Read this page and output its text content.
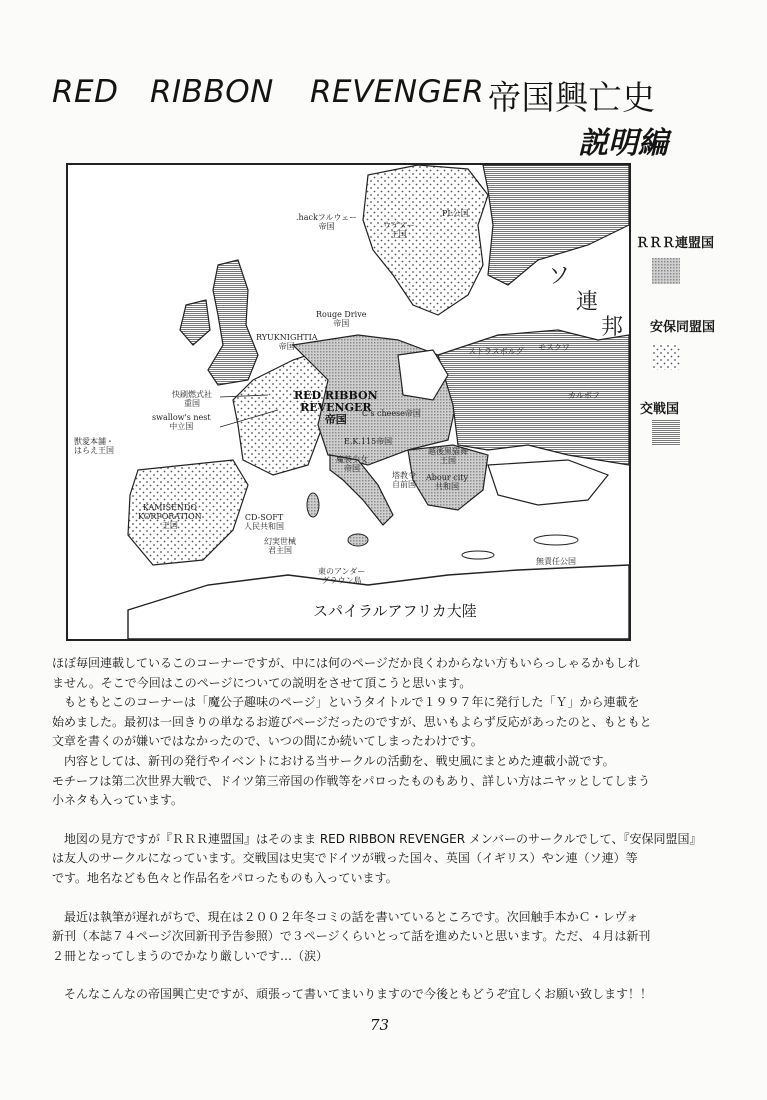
RED RIBBON REVENGER 帝国興亡史
説明編
RED RIBBON
REVENGER
帝国
.hackフルウェー
帝国	ウゲヌー
王国
PL公国
Rouge Drive
帝国
RYUKNIGHTIA
帝国
快刷燃式社
重国
swallow's nest
中立国
獣愛本舗・
はらえ王国
KAMISENDO
KORPORATION
王国
C's cheese帝国
E.K.115帝国
魔装少女
帝国
越後黒猫舞
王国
CD-SOFT
人民共和国
幻実世械
君主国
塔教令
自前国
Abour city
共和国
東のアンダー
グラウン島
無責任公国
ストラスボルグ モスクワ
カルポフ
ソ
連
邦
スパイラルアフリカ大陸
ＲＲＲ連盟国
安保同盟国
交戦国

ほぼ毎回連載しているこのコーナーですが、中には何のページだか良くわからない方もいらっしゃるかもしれ

ません。そこで今回はこのページについての説明をさせて頂こうと思います。

　もともとこのコーナーは「魔公子趣味のページ」というタイトルで１９９７年に発行した「Ｙ」から連載を

始めました。最初は一回きりの単なるお遊びページだったのですが、思いもよらず反応があったのと、もともと

文章を書くのが嫌いではなかったので、いつの間にか続いてしまったわけです。

　内容としては、新刊の発行やイベントにおける当サークルの活動を、戦史風にまとめた連載小説です。

モチーフは第二次世界大戦で、ドイツ第三帝国の作戦等をパロったものもあり、詳しい方はニヤッとしてしまう

小ネタも入っています。

　地図の見方ですが『ＲＲＲ連盟国』はそのまま RED RIBBON REVENGER メンバーのサークルでして、『安保同盟国』

は友人のサークルになっています。交戦国は史実でドイツが戦った国々、英国（イギリス）やン連（ソ連）等

です。地名なども色々と作品名をパロったものも入っています。

　最近は執筆が遅れがちで、現在は２００２年冬コミの話を書いているところです。次回触手本かＣ・レヴォ

新刊（本誌７４ページ次回新刊予告参照）で３ページくらいとって話を進めたいと思います。ただ、４月は新刊

２冊となってしまうのでかなり厳しいです…（涙）

　そんなこんなの帝国興亡史ですが、頑張って書いてまいりますので今後ともどうぞ宜しくお願い致します！！

73
